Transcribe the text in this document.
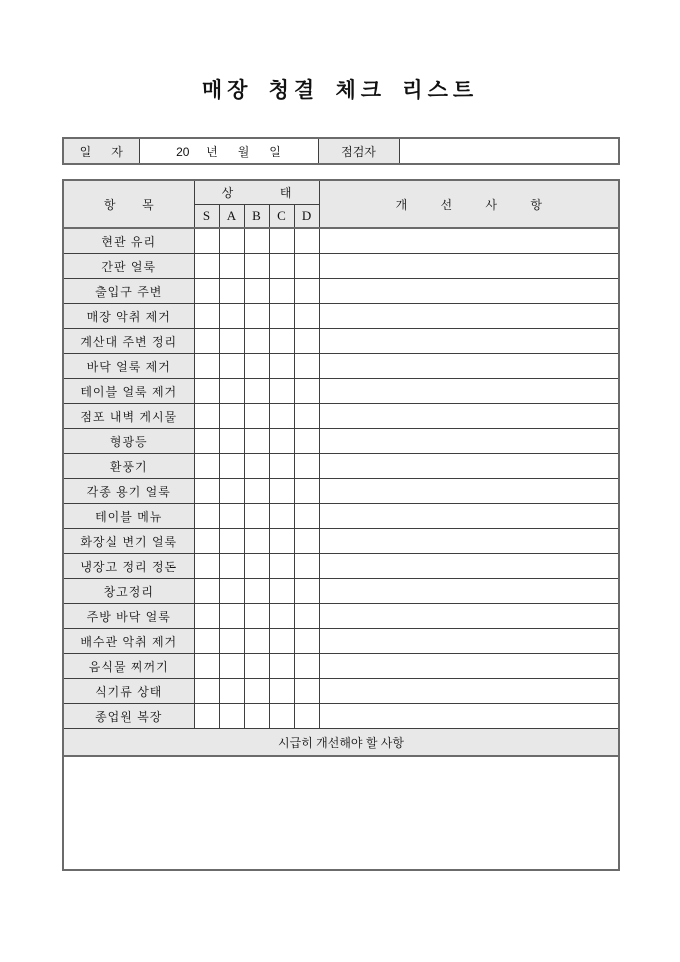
매장 청결 체크 리스트
일      자	20     년      월      일	점검자	
항        목	상              태					개          선          사          항
	S	A	B	C	D	
현관 유리						
간판 얼룩						
출입구 주변						
매장 악취 제거						
계산대 주변 정리						
바닥 얼룩 제거						
테이블 얼룩 제거						
점포 내벽 게시물						
형광등						
환풍기						
각종 용기 얼룩						
테이블 메뉴						
화장실 변기 얼룩						
냉장고 정리 정돈						
창고정리						
주방 바닥 얼룩						
배수관 악취 제거						
음식물 찌꺼기						
식기류 상태						
종업원 복장						
시급히 개선해야 할 사항						
